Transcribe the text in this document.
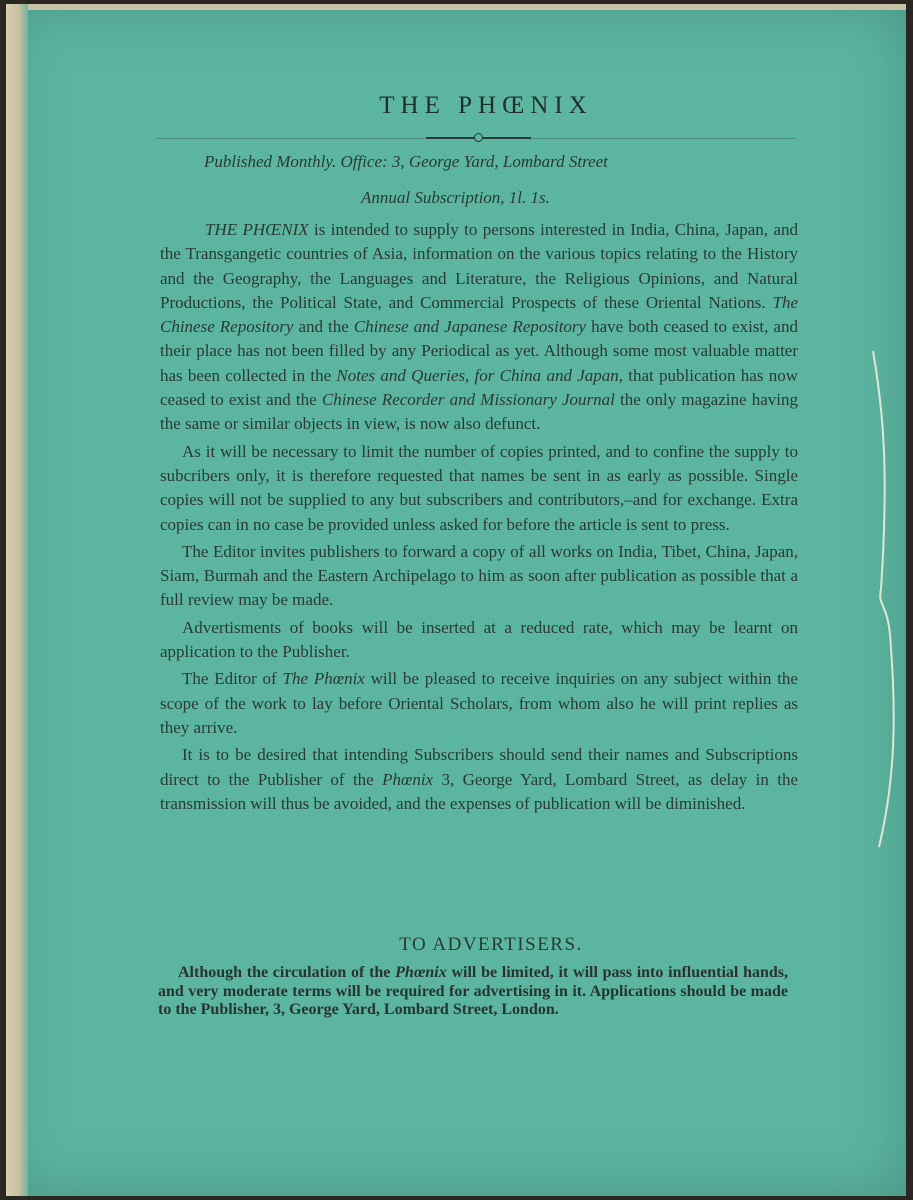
THE PHŒNIX
Published Monthly. Office: 3, George Yard, Lombard Street
Annual Subscription, 1l. 1s.

THE PHŒNIX is intended to supply to persons interested in India, China, Japan, and the Transgangetic countries of Asia, information on the various topics relating to the History and the Geography, the Languages and Literature, the Religious Opinions, and Natural Productions, the Political State, and Commercial Prospects of these Oriental Nations. The Chinese Repository and the Chinese and Japanese Repository have both ceased to exist, and their place has not been filled by any Periodical as yet. Although some most valuable matter has been collected in the Notes and Queries, for China and Japan, that publication has now ceased to exist and the Chinese Recorder and Missionary Journal the only magazine having the same or similar objects in view, is now also defunct.

As it will be necessary to limit the number of copies printed, and to confine the supply to subcribers only, it is therefore requested that names be sent in as early as possible. Single copies will not be supplied to any but subscribers and contributors,–and for exchange. Extra copies can in no case be provided unless asked for before the article is sent to press.

The Editor invites publishers to forward a copy of all works on India, Tibet, China, Japan, Siam, Burmah and the Eastern Archipelago to him as soon after publication as possible that a full review may be made.

Advertisments of books will be inserted at a reduced rate, which may be learnt on application to the Publisher.

The Editor of The Phœnix will be pleased to receive inquiries on any subject within the scope of the work to lay before Oriental Scholars, from whom also he will print replies as they arrive.

It is to be desired that intending Subscribers should send their names and Subscriptions direct to the Publisher of the Phœnix 3, George Yard, Lombard Street, as delay in the transmission will thus be avoided, and the expenses of publication will be diminished.

TO ADVERTISERS.

Although the circulation of the Phœnix will be limited, it will pass into influential hands, and very moderate terms will be required for advertising in it. Applications should be made to the Publisher, 3, George Yard, Lombard Street, London.
